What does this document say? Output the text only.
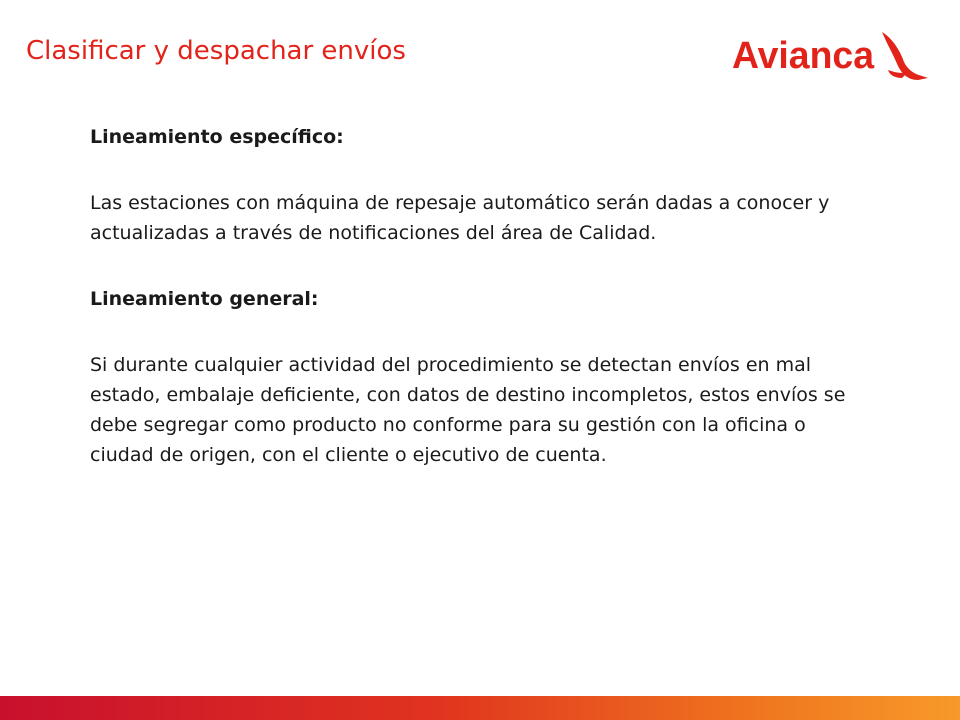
Clasificar y despachar envíos	Avianca

Lineamiento específico:

Las estaciones con máquina de repesaje automático serán dadas a conocer y actualizadas a través de notificaciones del área de Calidad.

Lineamiento general:

Si durante cualquier actividad del procedimiento se detectan envíos en mal estado, embalaje deficiente, con datos de destino incompletos, estos envíos se debe segregar como producto no conforme para su gestión con la oficina o ciudad de origen, con el cliente o ejecutivo de cuenta.
